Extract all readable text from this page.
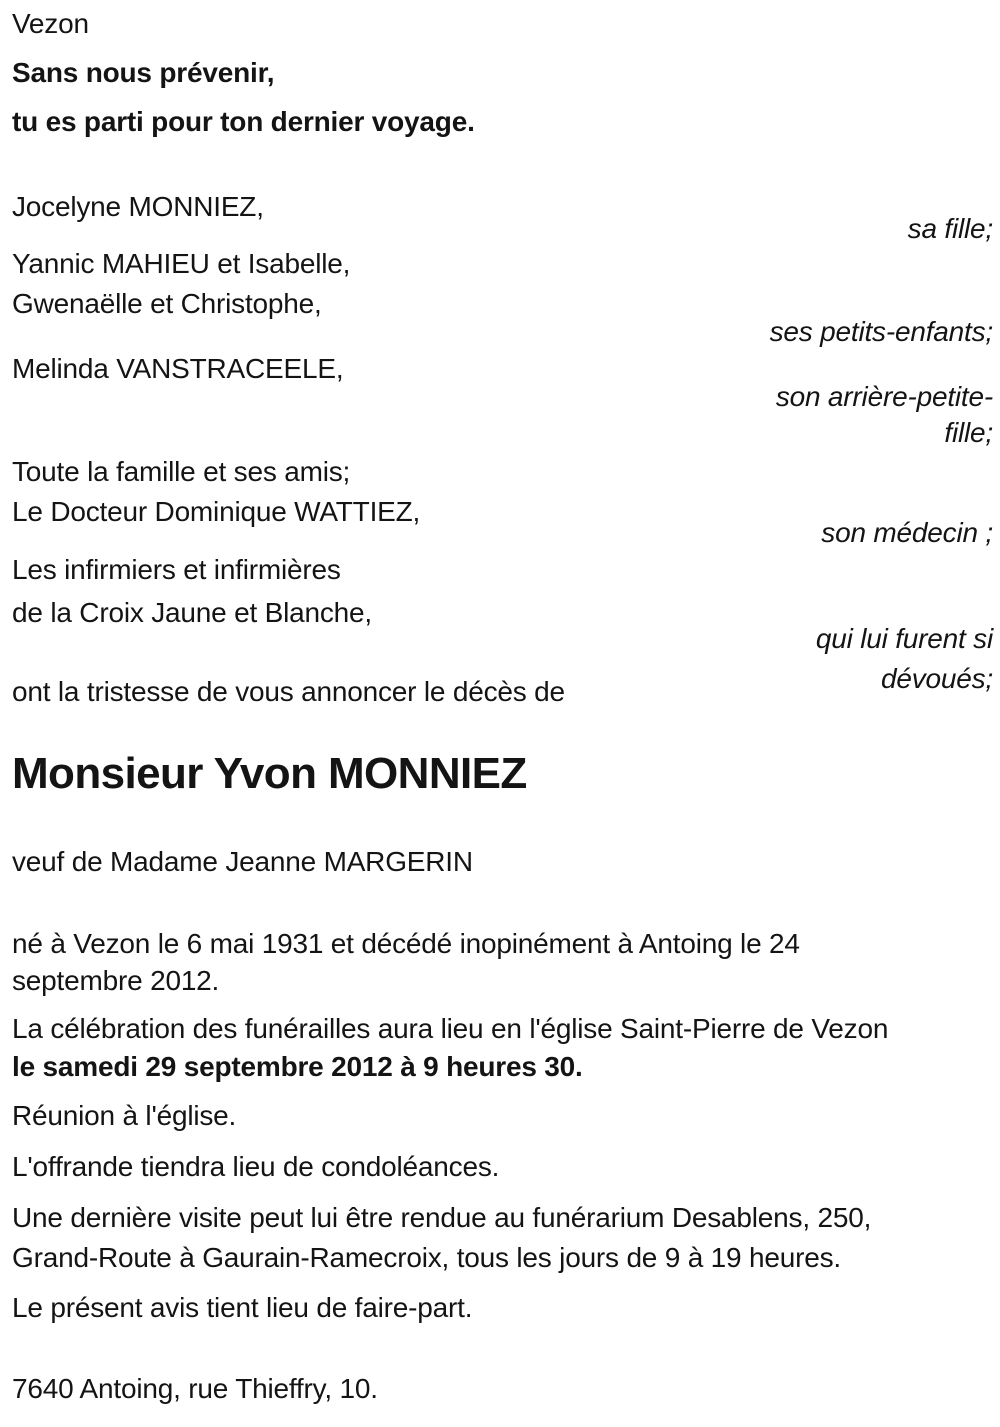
Vezon
Sans nous prévenir,
tu es parti pour ton dernier voyage.
Jocelyne MONNIEZ,
sa fille;
Yannic MAHIEU et Isabelle,
Gwenaëlle et Christophe,
ses petits-enfants;
Melinda VANSTRACEELE,
son arrière-petite-
fille;
Toute la famille et ses amis;
Le Docteur Dominique WATTIEZ,
son médecin ;
Les infirmiers et infirmières
de la Croix Jaune et Blanche,
qui lui furent si
dévoués;
ont la tristesse de vous annoncer le décès de
Monsieur Yvon MONNIEZ
veuf de Madame Jeanne MARGERIN
né à Vezon le 6 mai 1931 et décédé inopinément à Antoing le 24
septembre 2012.
La célébration des funérailles aura lieu en l'église Saint-Pierre de Vezon
le samedi 29 septembre 2012 à 9 heures 30.
Réunion à l'église.
L'offrande tiendra lieu de condoléances.
Une dernière visite peut lui être rendue au funérarium Desablens, 250,
Grand-Route à Gaurain-Ramecroix, tous les jours de 9 à 19 heures.
Le présent avis tient lieu de faire-part.
7640 Antoing, rue Thieffry, 10.
